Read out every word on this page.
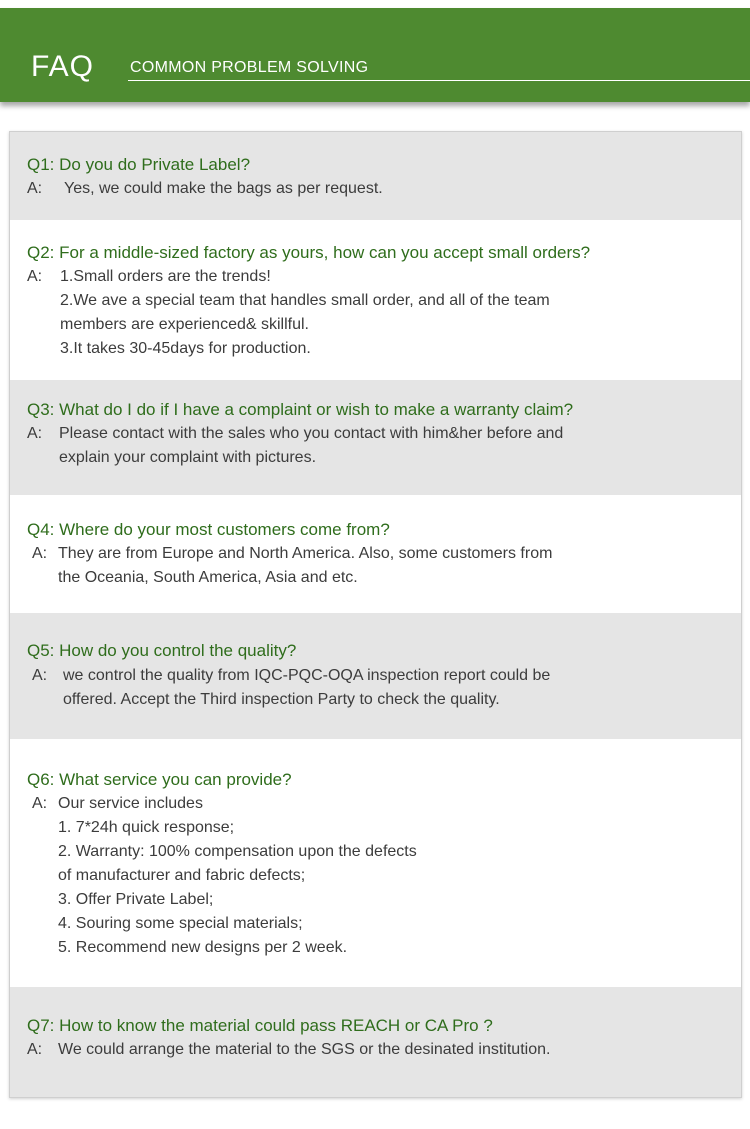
FAQ COMMON PROBLEM SOLVING
Q1: Do you do Private Label?
A: Yes, we could make the bags as per request.
Q2: For a middle-sized factory as yours, how can you accept small orders?
A: 1.Small orders are the trends!
2.We ave a special team that handles small order, and all of the team
members are experienced& skillful.
3.It takes 30-45days for production.
Q3: What do I do if I have a complaint or wish to make a warranty claim?
A: Please contact with the sales who you contact with him&her before and
explain your complaint with pictures.
Q4: Where do your most customers come from?
A: They are from Europe and North America. Also, some customers from
the Oceania, South America, Asia and etc.
Q5: How do you control the quality?
A: we control the quality from IQC-PQC-OQA inspection report could be
offered. Accept the Third inspection Party to check the quality.
Q6: What service you can provide?
A: Our service includes
1. 7*24h quick response;
2. Warranty: 100% compensation upon the defects
of manufacturer and fabric defects;
3. Offer Private Label;
4. Souring some special materials;
5. Recommend new designs per 2 week.
Q7: How to know the material could pass REACH or CA Pro ?
A: We could arrange the material to the SGS or the desinated institution.
